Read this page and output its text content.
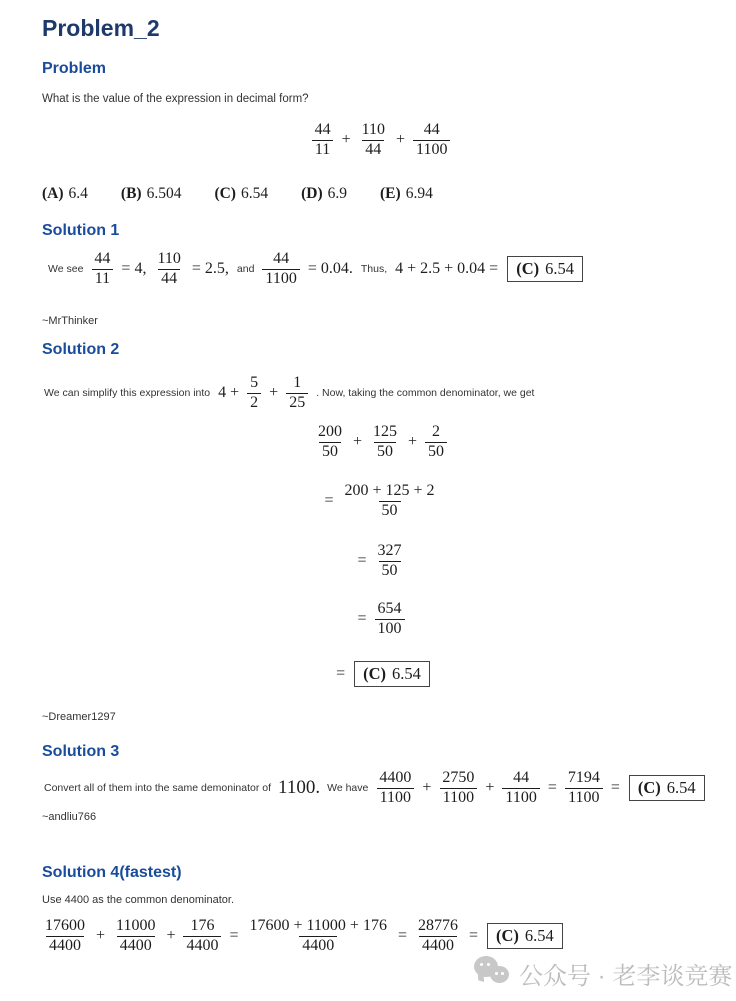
Problem_2
Problem
What is the value of the expression in decimal form?
$\frac{44}{11} + \frac{110}{44} + \frac{44}{1100}$
(A) 6.4 (B) 6.504 (C) 6.54 (D) 6.9 (E) 6.94
Solution 1
We see $\frac{44}{11} = 4$, $\frac{110}{44} = 2.5$, and $\frac{44}{1100} = 0.04$. Thus, 4 + 2.5 + 0.04 = (C) 6.54
~MrThinker
Solution 2
We can simplify this expression into $4 + \frac{5}{2} + \frac{1}{25}$ . Now, taking the common denominator, we get
$\frac{200}{50} + \frac{125}{50} + \frac{2}{50}$
= $\frac{200 + 125 + 2}{50}$
= $\frac{327}{50}$
= $\frac{654}{100}$
= (C) 6.54
~Dreamer1297
Solution 3
Convert all of them into the same demoninator of 1100. We have $\frac{4400}{1100} + \frac{2750}{1100} + \frac{44}{1100} = \frac{7194}{1100} = (C)$ 6.54
~andliu766
Solution 4(fastest)
Use 4400 as the common denominator.
$\frac{17600}{4400} + \frac{11000}{4400} + \frac{176}{4400} = \frac{17600 + 11000 + 176}{4400} = \frac{28776}{4400} = (C)$ 6.54
公众号 · 老李谈竞赛
